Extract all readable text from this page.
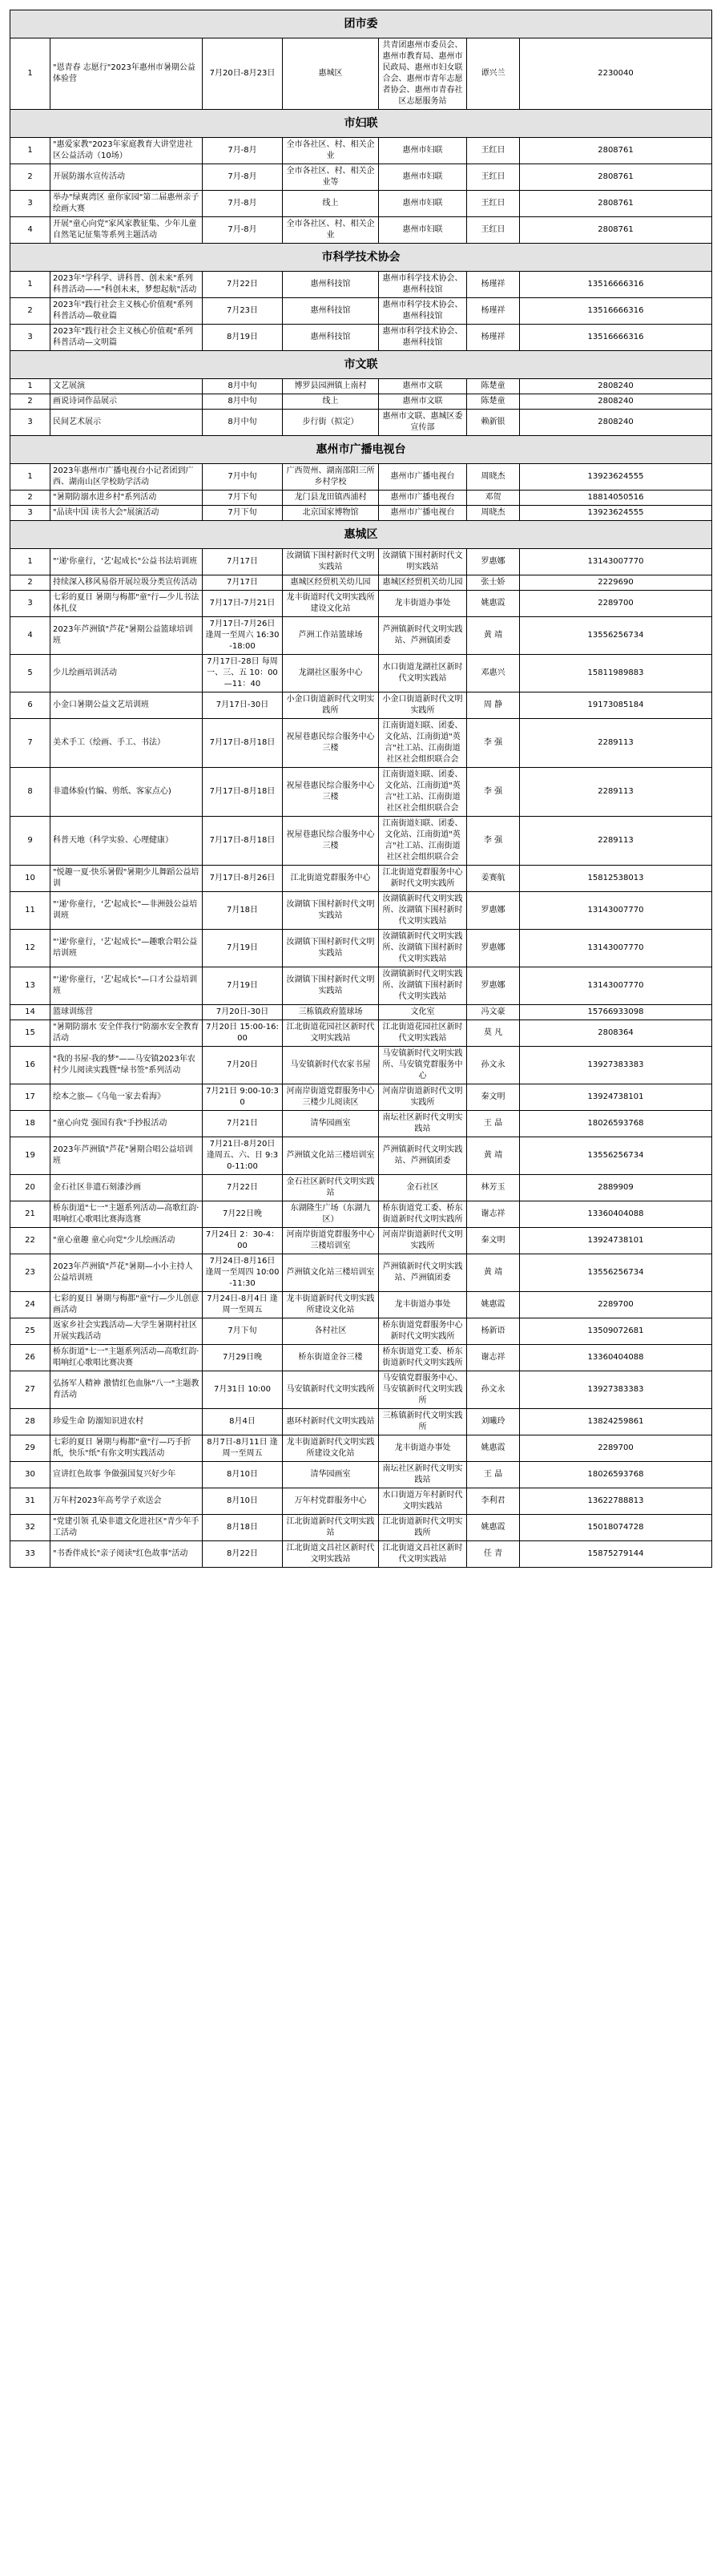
团市委						
1	"恩青春 志愿行"2023年惠州市暑期公益体验营	7月20日-8月23日	惠城区	共青团惠州市委员会、惠州市教育局、惠州市民政局、惠州市妇女联合会、惠州市青年志愿者协会、惠州市青春社区志愿服务站	谭兴兰	2230040
市妇联						
1	"惠爱家教"2023年家庭教育大讲堂进社区公益活动（10场）	7月-8月	全市各社区、村、相关企业	惠州市妇联	王红日	2808761
2	开展防溺水宣传活动	7月-8月	全市各社区、村、相关企业等	惠州市妇联	王红日	2808761
3	举办"绿爽湾区 童你家园"第二届惠州亲子绘画大赛	7月-8月	线上	惠州市妇联	王红日	2808761
4	开展"童心向党"家风家教征集、少年儿童自然笔记征集等系列主题活动	7月-8月	全市各社区、村、相关企业	惠州市妇联	王红日	2808761
市科学技术协会						
1	2023年"学科学、讲科普、创未来"系列科普活动——"科创未来，梦想起航"活动	7月22日	惠州科技馆	惠州市科学技术协会、惠州科技馆	杨瑾祥	13516666316
2	2023年"践行社会主义核心价值观"系列科普活动—敬业篇	7月23日	惠州科技馆	惠州市科学技术协会、惠州科技馆	杨瑾祥	13516666316
3	2023年"践行社会主义核心价值观"系列科普活动—文明篇	8月19日	惠州科技馆	惠州市科学技术协会、惠州科技馆	杨瑾祥	13516666316
市文联						
1	文艺展演	8月中旬	博罗县园洲镇上南村	惠州市文联	陈楚童	2808240
2	画说诗词作品展示	8月中旬	线上	惠州市文联	陈楚童	2808240
3	民间艺术展示	8月中旬	步行街（拟定）	惠州市文联、惠城区委宣传部	赖新银	2808240
惠州市广播电视台						
1	2023年惠州市广播电视台小记者团到广西、湖南山区学校助学活动	7月中旬	广西贺州、湖南邵阳三所乡村学校	惠州市广播电视台	周晓杰	13923624555
2	"暑期防溺水进乡村"系列活动	7月下旬	龙门县龙田镇西浦村	惠州市广播电视台	邓贺	18814050516
3	"品读中国 读书大会"展演活动	7月下旬	北京国家博物馆	惠州市广播电视台	周晓杰	13923624555
惠城区						
1	"'递'你童行，'艺'起成长"公益书法培训班	7月17日	汝湖镇下围村新时代文明实践站	汝湖镇下围村新时代文明实践站	罗惠娜	13143007770
2	持续深入移风易俗开展垃圾分类宣传活动	7月17日	惠城区经贸机关幼儿园	惠城区经贸机关幼儿园	张士娇	2229690
3	七彩的夏日 暑期与梅都"童"行—少儿书法体扎仪	7月17日-7月21日	龙丰街道时代文明实践所建设文化站	龙丰街道办事处	姚惠霞	2289700
4	2023年芦洲镇"芦花"暑期公益篮球培训班	7月17日-7月26日 逢周一至周六 16:30-18:00	芦洲工作站篮球场	芦洲镇新时代文明实践站、芦洲镇团委	黄 靖	13556256734
5	少儿绘画培训活动	7月17日-28日 每周一、三、五 10：00—11：40	龙湖社区服务中心	水口街道龙湖社区新时代文明实践站	邓惠兴	15811989883
6	小金口暑期公益文艺培训班	7月17日-30日	小金口街道新时代文明实践所	小金口街道新时代文明实践所	周 静	19173085184
7	美术手工（绘画、手工、书法）	7月17日-8月18日	祝屋巷惠民综合服务中心三楼	江南街道妇联、团委、文化站、江南街道"英言"社工站、江南街道社区社会组织联合会	李 强	2289113
8	非遗体验(竹编、剪纸、客家点心)	7月17日-8月18日	祝屋巷惠民综合服务中心三楼	江南街道妇联、团委、文化站、江南街道"英言"社工站、江南街道社区社会组织联合会	李 强	2289113
9	科普天地（科学实验、心理健康）	7月17日-8月18日	祝屋巷惠民综合服务中心三楼	江南街道妇联、团委、文化站、江南街道"英言"社工站、江南街道社区社会组织联合会	李 强	2289113
10	"悦趣一夏·快乐暑假"暑期少儿舞蹈公益培训	7月17日-8月26日	江北街道党群服务中心	江北街道党群服务中心新时代文明实践所	姜赛航	15812538013
11	"'递'你童行，'艺'起成长"—非洲鼓公益培训班	7月18日	汝湖镇下围村新时代文明实践站	汝湖镇新时代文明实践所、汝湖镇下围村新时代文明实践站	罗惠娜	13143007770
12	"'递'你童行，'艺'起成长"—趣歌合唱公益培训班	7月19日	汝湖镇下围村新时代文明实践站	汝湖镇新时代文明实践所、汝湖镇下围村新时代文明实践站	罗惠娜	13143007770
13	"'递'你童行，'艺'起成长"—口才公益培训班	7月19日	汝湖镇下围村新时代文明实践站	汝湖镇新时代文明实践所、汝湖镇下围村新时代文明实践站	罗惠娜	13143007770
14	篮球训练营	7月20日-30日	三栋镇政府篮球场	文化室	冯文豪	15766933098
15	"暑期防溺水 安全伴我行"防溺水安全教育活动	7月20日 15:00-16:00	江北街道花园社区新时代文明实践站	江北街道花园社区新时代文明实践站	莫 凡	2808364
16	"我的书屋·我的梦"——马安镇2023年农村少儿阅读实践暨"绿书签"系列活动	7月20日	马安镇新时代农家书屋	马安镇新时代文明实践所、马安镇党群服务中心	孙文永	13927383383
17	绘本之旅—《乌龟一家去看海》	7月21日 9:00-10:30	河南岸街道党群服务中心三楼少儿阅读区	河南岸街道新时代文明实践所	秦文明	13924738101
18	"童心向党 强国有我"手抄报活动	7月21日	清华园画室	南坛社区新时代文明实践站	王 晶	18026593768
19	2023年芦洲镇"芦花"暑期合唱公益培训班	7月21日-8月20日 逢周五、六、日 9:30-11:00	芦洲镇文化站三楼培训室	芦洲镇新时代文明实践站、芦洲镇团委	黄 靖	13556256734
20	金石社区非遗石刻漆沙画	7月22日	金石社区新时代文明实践站	金石社区	林芳玉	2889909
21	桥东街道"七一"主题系列活动—高歌红韵·唱响红心歌唱比赛海选赛	7月22日晚	东湖隆生广场（东湖九区）	桥东街道党工委、桥东街道新时代文明实践所	谢志祥	13360404088
22	"童心童趣 童心向党"少儿绘画活动	7月24日 2：30-4：00	河南岸街道党群服务中心三楼培训室	河南岸街道新时代文明实践所	秦文明	13924738101
23	2023年芦洲镇"芦花"暑期—小小主持人公益培训班	7月24日-8月16日 逢周一至周四 10:00-11:30	芦洲镇文化站三楼培训室	芦洲镇新时代文明实践站、芦洲镇团委	黄 靖	13556256734
24	七彩的夏日 暑期与梅都"童"行—少儿创意画活动	7月24日-8月4日 逢周一至周五	龙丰街道新时代文明实践所建设文化站	龙丰街道办事处	姚惠霞	2289700
25	返家乡社会实践活动—大学生暑期村社区开展实践活动	7月下旬	各村社区	桥东街道党群服务中心新时代文明实践所	杨新语	13509072681
26	桥东街道"七一"主题系列活动—高歌红韵·唱响红心歌唱比赛决赛	7月29日晚	桥东街道金谷三楼	桥东街道党工委、桥东街道新时代文明实践所	谢志祥	13360404088
27	弘扬军人精神 激情红色血脉"八一"主题教育活动	7月31日 10:00	马安镇新时代文明实践所	马安镇党群服务中心、马安镇新时代文明实践所	孙文永	13927383383
28	珍爱生命 防溺知识进农村	8月4日	惠环村新时代文明实践站	三栋镇新时代文明实践所	刘曦玲	13824259861
29	七彩的夏日 暑期与梅都"童"行—巧手折纸，快乐"纸"有你文明实践活动	8月7日-8月11日 逢周一至周五	龙丰街道新时代文明实践所建设文化站	龙丰街道办事处	姚惠霞	2289700
30	宣讲红色故事 争做强国复兴好少年	8月10日	清华园画室	南坛社区新时代文明实践站	王 晶	18026593768
31	万年村2023年高考学子欢送会	8月10日	万年村党群服务中心	水口街道万年村新时代文明实践站	李利君	13622788813
32	"党建引领 孔染非遗文化进社区"青少年手工活动	8月18日	江北街道新时代文明实践站	江北街道新时代文明实践所	姚惠霞	15018074728
33	"书香伴成长"亲子阅读"红色故事"活动	8月22日	江北街道文昌社区新时代文明实践站	江北街道文昌社区新时代文明实践站	任 青	15875279144
